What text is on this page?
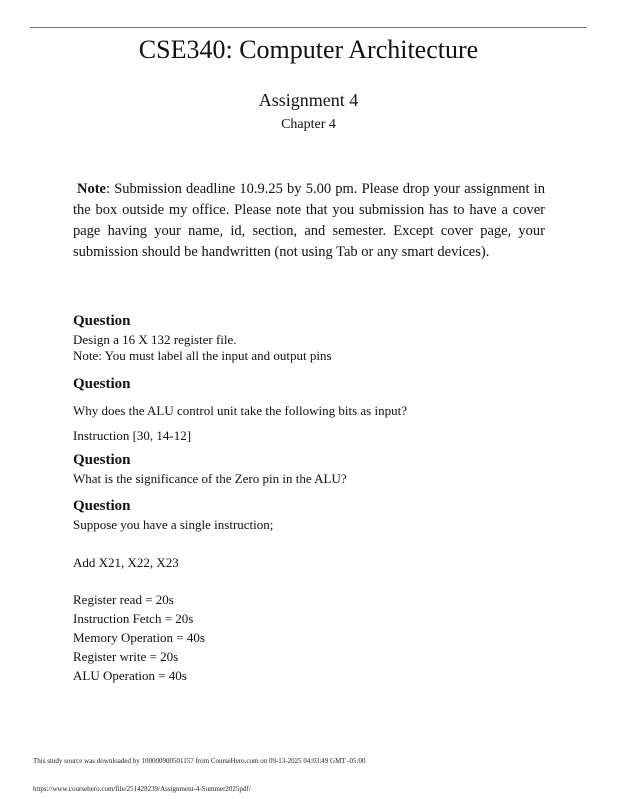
CSE340: Computer Architecture
Assignment 4
Chapter 4
Note: Submission deadline 10.9.25 by 5.00 pm. Please drop your assignment in the box outside my office. Please note that you submission has to have a cover page having your name, id, section, and semester. Except cover page, your submission should be handwritten (not using Tab or any smart devices).
Question
Design a 16 X 132 register file.
Note: You must label all the input and output pins
Question
Why does the ALU control unit take the following bits as input?
Instruction [30, 14-12]
Question
What is the significance of the Zero pin in the ALU?
Question
Suppose you have a single instruction;
Add X21, X22, X23
Register read = 20s
Instruction Fetch = 20s
Memory Operation = 40s
Register write = 20s
ALU Operation = 40s
This study source was downloaded by 100000900501157 from CourseHero.com on 09-13-2025 04:03:49 GMT -05:00
https://www.coursehero.com/file/251428239/Assignment-4-Summer2025pdf/
